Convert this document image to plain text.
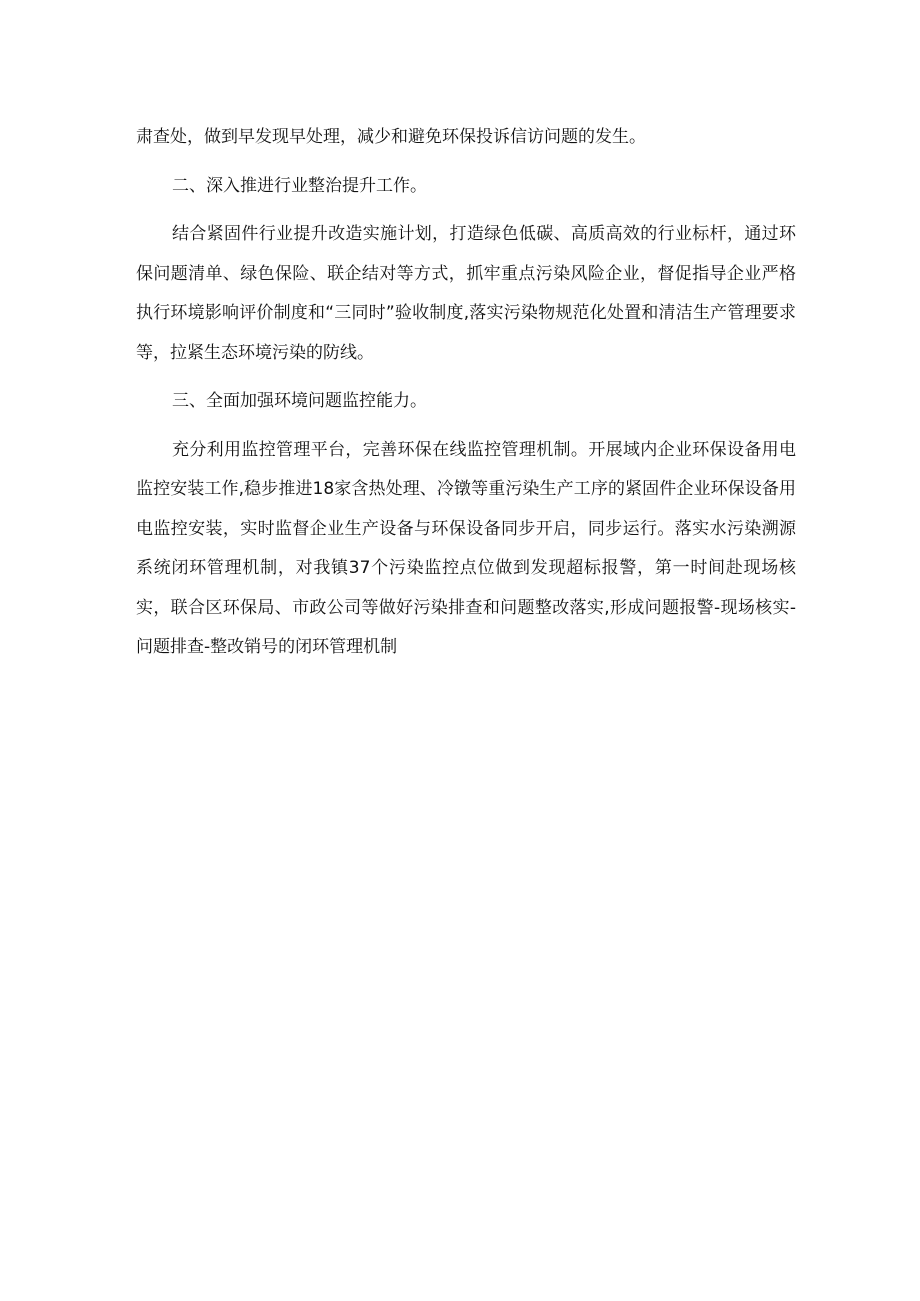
肃查处，做到早发现早处理，减少和避免环保投诉信访问题的发生。

二、深入推进行业整治提升工作。

结合紧固件行业提升改造实施计划，打造绿色低碳、高质高效的行业标杆，通过环保问题清单、绿色保险、联企结对等方式，抓牢重点污染风险企业，督促指导企业严格执行环境影响评价制度和“三同时”验收制度,落实污染物规范化处置和清洁生产管理要求等，拉紧生态环境污染的防线。

三、全面加强环境问题监控能力。

充分利用监控管理平台，完善环保在线监控管理机制。开展域内企业环保设备用电监控安装工作,稳步推进18家含热处理、冷镦等重污染生产工序的紧固件企业环保设备用电监控安装，实时监督企业生产设备与环保设备同步开启，同步运行。落实水污染溯源系统闭环管理机制，对我镇37个污染监控点位做到发现超标报警，第一时间赴现场核实，联合区环保局、市政公司等做好污染排查和问题整改落实,形成问题报警-现场核实-问题排查-整改销号的闭环管理机制
